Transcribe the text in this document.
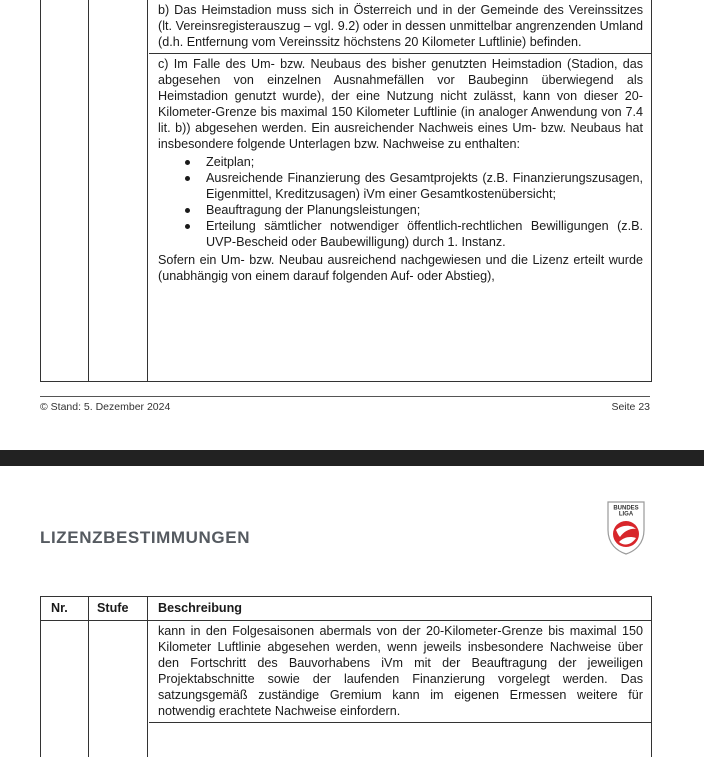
b) Das Heimstadion muss sich in Österreich und in der Gemeinde des Vereinssitzes (lt. Vereinsregisterauszug – vgl. 9.2) oder in dessen unmittelbar angrenzenden Umland (d.h. Entfernung vom Vereinssitz höchstens 20 Kilometer Luftlinie) befinden.

c) Im Falle des Um- bzw. Neubaus des bisher genutzten Heimstadion (Stadion, das abgesehen von einzelnen Ausnahmefällen vor Baubeginn überwiegend als Heimstadion genutzt wurde), der eine Nutzung nicht zulässt, kann von dieser 20-Kilometer-Grenze bis maximal 150 Kilometer Luftlinie (in analoger Anwendung von 7.4 lit. b)) abgesehen werden. Ein ausreichender Nachweis eines Um- bzw. Neubaus hat insbesondere folgende Unterlagen bzw. Nachweise zu enthalten:

Zeitplan;
Ausreichende Finanzierung des Gesamtprojekts (z.B. Finanzierungszusagen, Eigenmittel, Kreditzusagen) iVm einer Gesamtkostenübersicht;
Beauftragung der Planungsleistungen;
Erteilung sämtlicher notwendiger öffentlich-rechtlichen Bewilligungen (z.B. UVP-Bescheid oder Baubewilligung) durch 1. Instanz.

Sofern ein Um- bzw. Neubau ausreichend nachgewiesen und die Lizenz erteilt wurde (unabhängig von einem darauf folgenden Auf- oder Abstieg),

© Stand: 5. Dezember 2024	Seite 23
LIZENZBESTIMMUNGEN
BUNDES
LIGA
Nr. Stufe Beschreibung

kann in den Folgesaisonen abermals von der 20-Kilometer-Grenze bis maximal 150 Kilometer Luftlinie abgesehen werden, wenn jeweils insbesondere Nachweise über den Fortschritt des Bauvorhabens iVm mit der Beauftragung der jeweiligen Projektabschnitte sowie der laufenden Finanzierung vorgelegt werden. Das satzungsgemäß zuständige Gremium kann im eigenen Ermessen weitere für notwendig erachtete Nachweise einfordern.
